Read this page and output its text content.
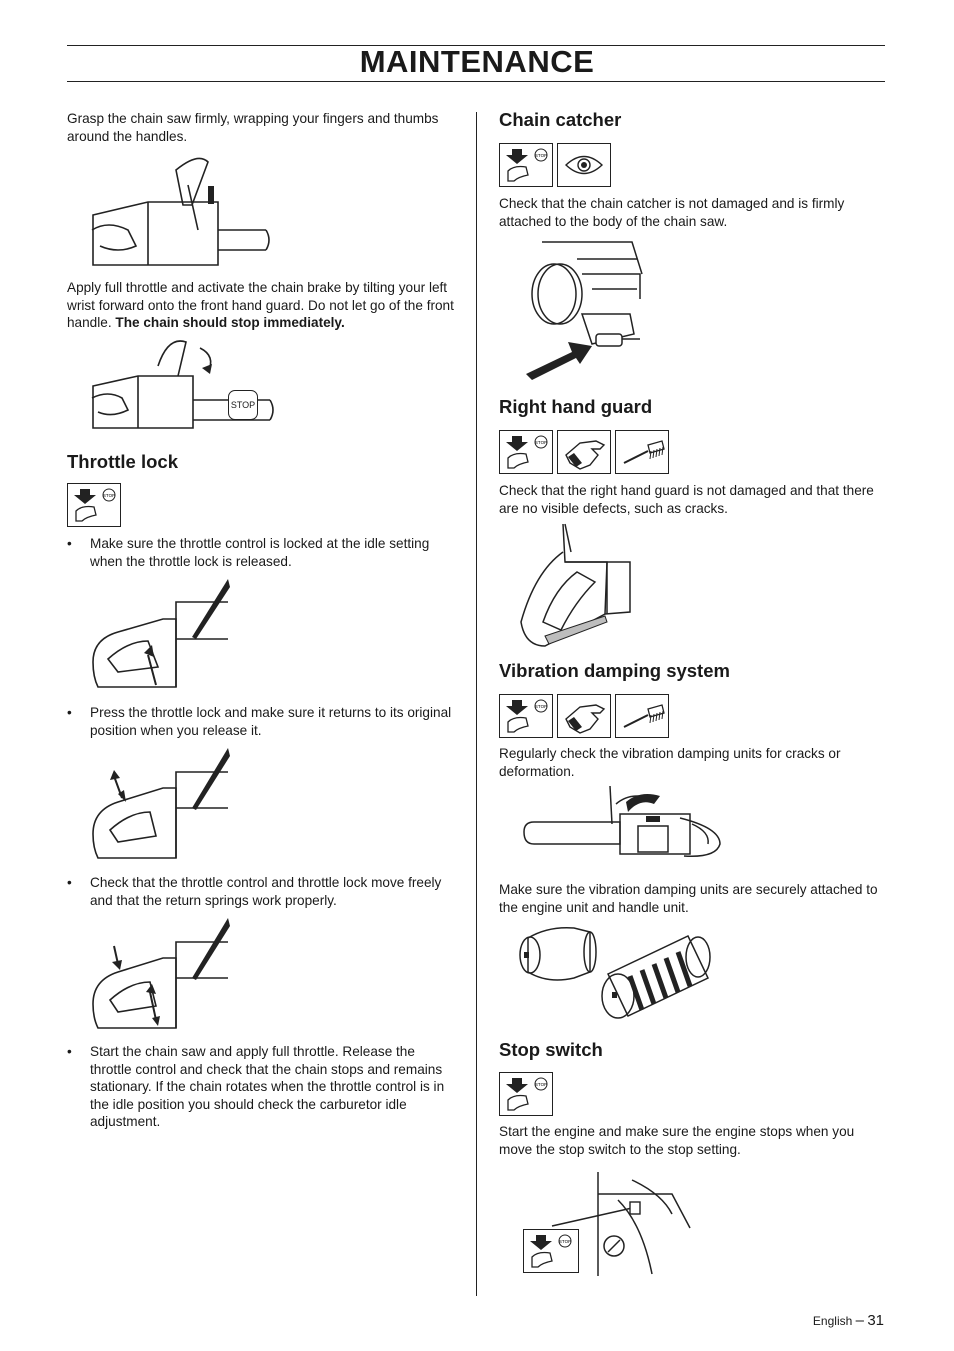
MAINTENANCE

Grasp the chain saw firmly, wrapping your fingers and thumbs around the handles.

Apply full throttle and activate the chain brake by tilting your left wrist forward onto the front hand guard. Do not let go of the front handle. The chain should stop immediately.

STOP
Throttle lock
STOP
• Make sure the throttle control is locked at the idle setting when the throttle lock is released.
• Press the throttle lock and make sure it returns to its original position when you release it.
• Check that the throttle control and throttle lock move freely and that the return springs work properly.
• Start the chain saw and apply full throttle. Release the throttle control and check that the chain stops and remains stationary. If the chain rotates when the throttle control is in the idle position you should check the carburetor idle adjustment.
Chain catcher
STOP

Check that the chain catcher is not damaged and is firmly attached to the body of the chain saw.

Right hand guard
STOP

Check that the right hand guard is not damaged and that there are no visible defects, such as cracks.

Vibration damping system
STOP

Regularly check the vibration damping units for cracks or deformation.

Make sure the vibration damping units are securely attached to the engine unit and handle unit.

Stop switch
STOP

Start the engine and make sure the engine stops when you move the stop switch to the stop setting.

STOP
English – 31
